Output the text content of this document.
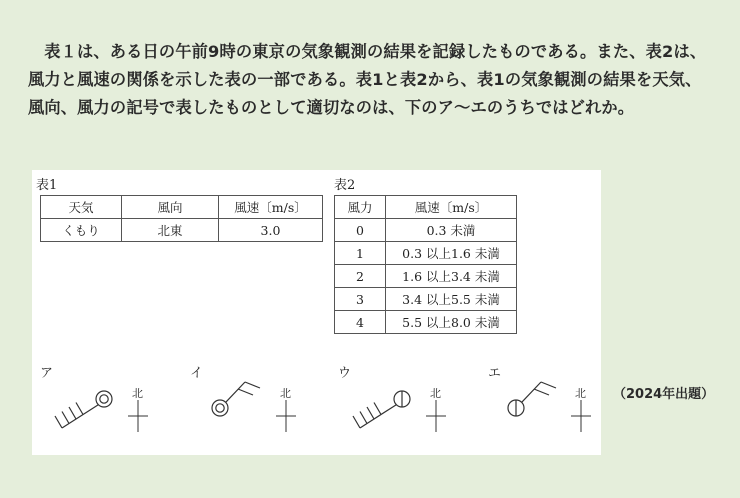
表１は、ある日の午前9時の東京の気象観測の結果を記録したものである。また、表2は、風力と風速の関係を示した表の一部である。表1と表2から、表1の気象観測の結果を天気、風向、風力の記号で表したものとして適切なのは、下のア～エのうちではどれか。
表1
天気	風向	風速〔m/s〕
くもり	北東	3.0
表2
風力	風速〔m/s〕
0	0.3 未満
1	0.3 以上1.6 未満
2	1.6 以上3.4 未満
3	3.4 以上5.5 未満
4	5.5 以上8.0 未満
ア	イ	ウ	エ
北	北	北	北 （2024年出題）
